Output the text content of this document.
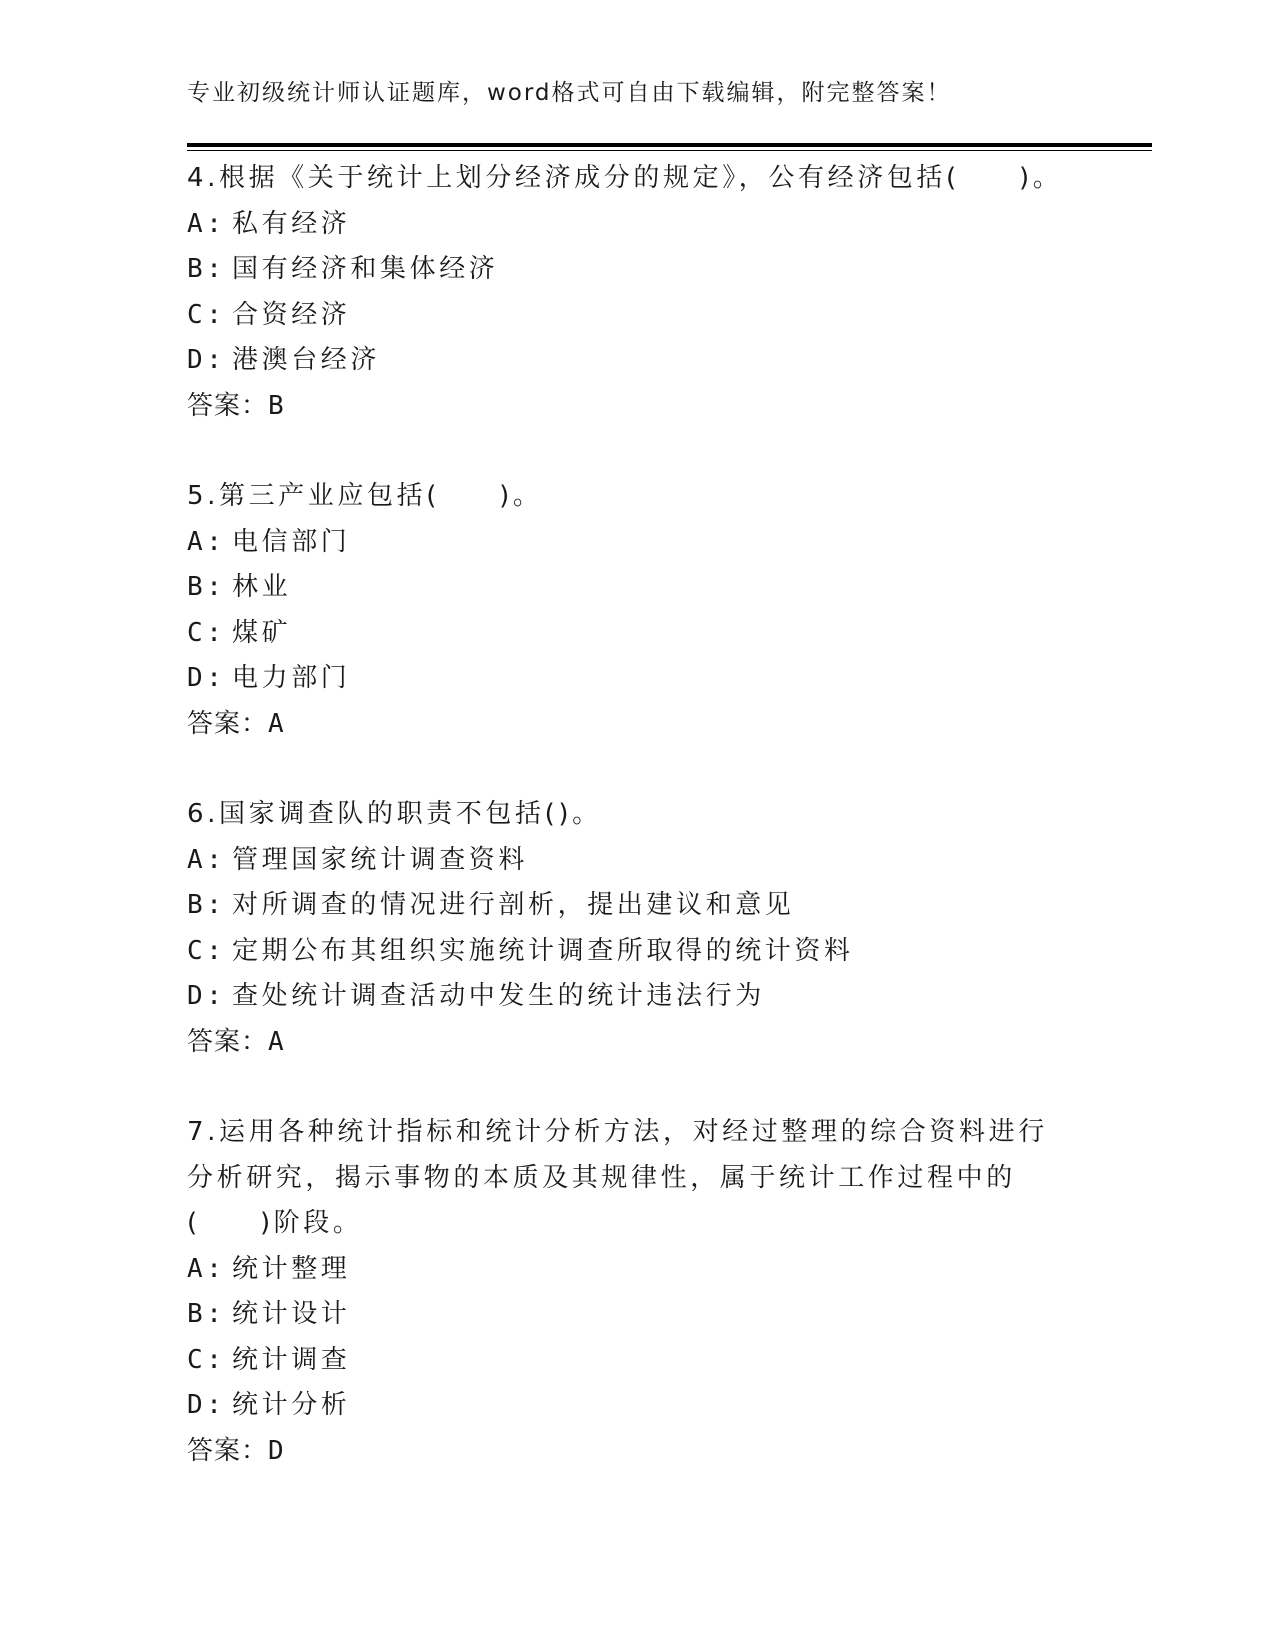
专业初级统计师认证题库，word格式可自由下载编辑，附完整答案！
4.根据《关于统计上划分经济成分的规定》，公有经济包括(　　)。
A: 私有经济
B: 国有经济和集体经济
C: 合资经济
D: 港澳台经济
答案：B
5.第三产业应包括(　　)。
A: 电信部门
B: 林业
C: 煤矿
D: 电力部门
答案：A
6.国家调查队的职责不包括()。
A: 管理国家统计调查资料
B: 对所调查的情况进行剖析，提出建议和意见
C: 定期公布其组织实施统计调查所取得的统计资料
D: 查处统计调查活动中发生的统计违法行为
答案：A
7.运用各种统计指标和统计分析方法，对经过整理的综合资料进行分析研究，揭示事物的本质及其规律性，属于统计工作过程中的(　　)阶段。
A: 统计整理
B: 统计设计
C: 统计调查
D: 统计分析
答案：D
